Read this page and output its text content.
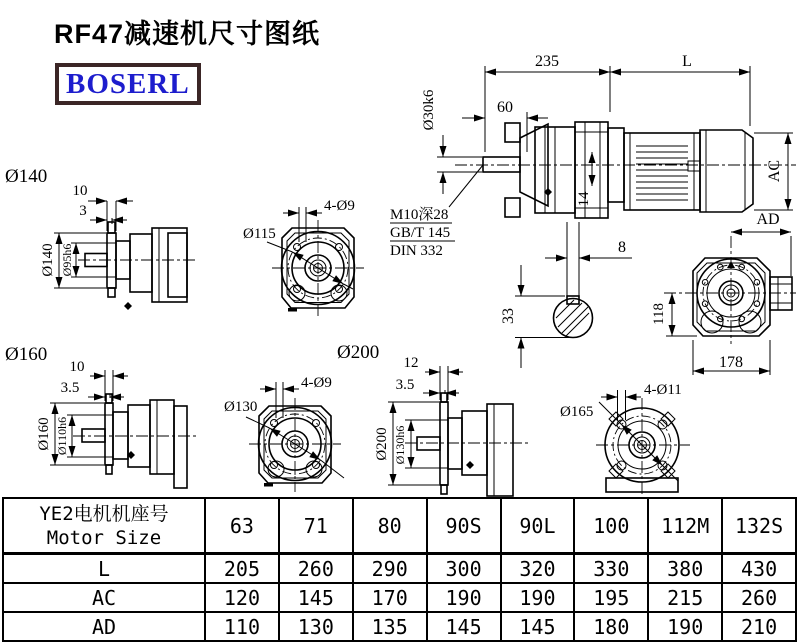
RF47减速机尺寸图纸
BOSERL
Ø140
10
3
Ø140 Ø95h6
4-Ø9
Ø115
235	L
60
Ø30k6
14
AC
AD
M10深28
GB/T 145
DIN 332	8
33	118
178
Ø160
10
3.5
Ø160 Ø110h6
4-Ø9
Ø130
Ø200 12
3.5
Ø200 Ø130h6
4-Ø11
Ø165
YE2电机机座号
Motor Size	63	71	80	90S	90L	100	112M	132S
L	205	260	290	300	320	330	380	430
AC	120	145	170	190	190	195	215	260
AD	110	130	135	145	145	180	190	210
